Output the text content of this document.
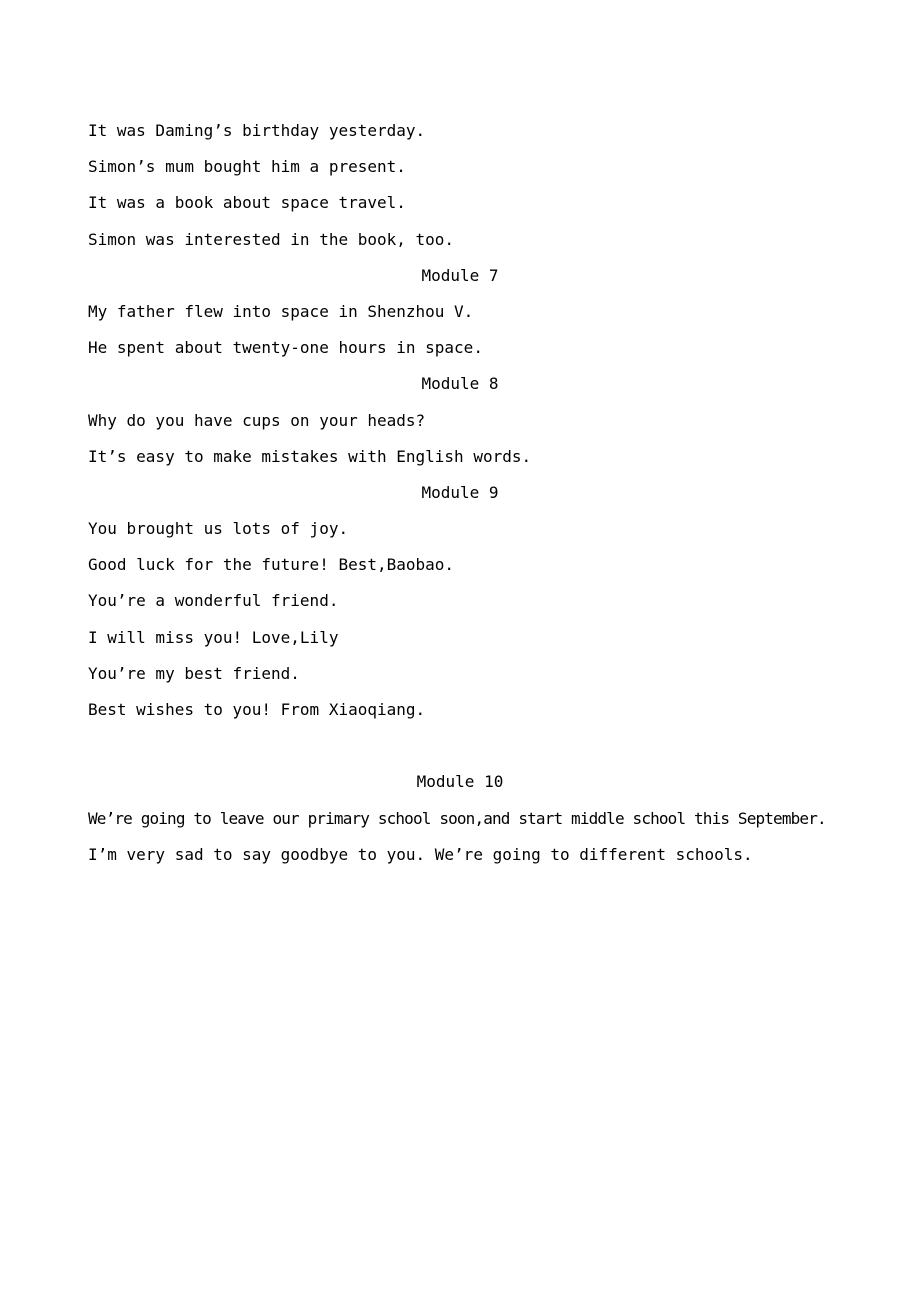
It was Daming’s birthday yesterday.
Simon’s mum bought him a present.
It was a book about space travel.
Simon was interested in the book, too.
Module 7
My father flew into space in Shenzhou V.
He spent about twenty-one hours in space.
Module 8
Why do you have cups on your heads?
It’s easy to make mistakes with English words.
Module 9
You brought us lots of joy.
Good luck for the future! Best,Baobao.
You’re a wonderful friend.
I will miss you! Love,Lily
You’re my best friend.
Best wishes to you! From Xiaoqiang.
Module 10
We’re going to leave our primary school soon,and start middle school this September.
I’m very sad to say goodbye to you. We’re going to different schools.
